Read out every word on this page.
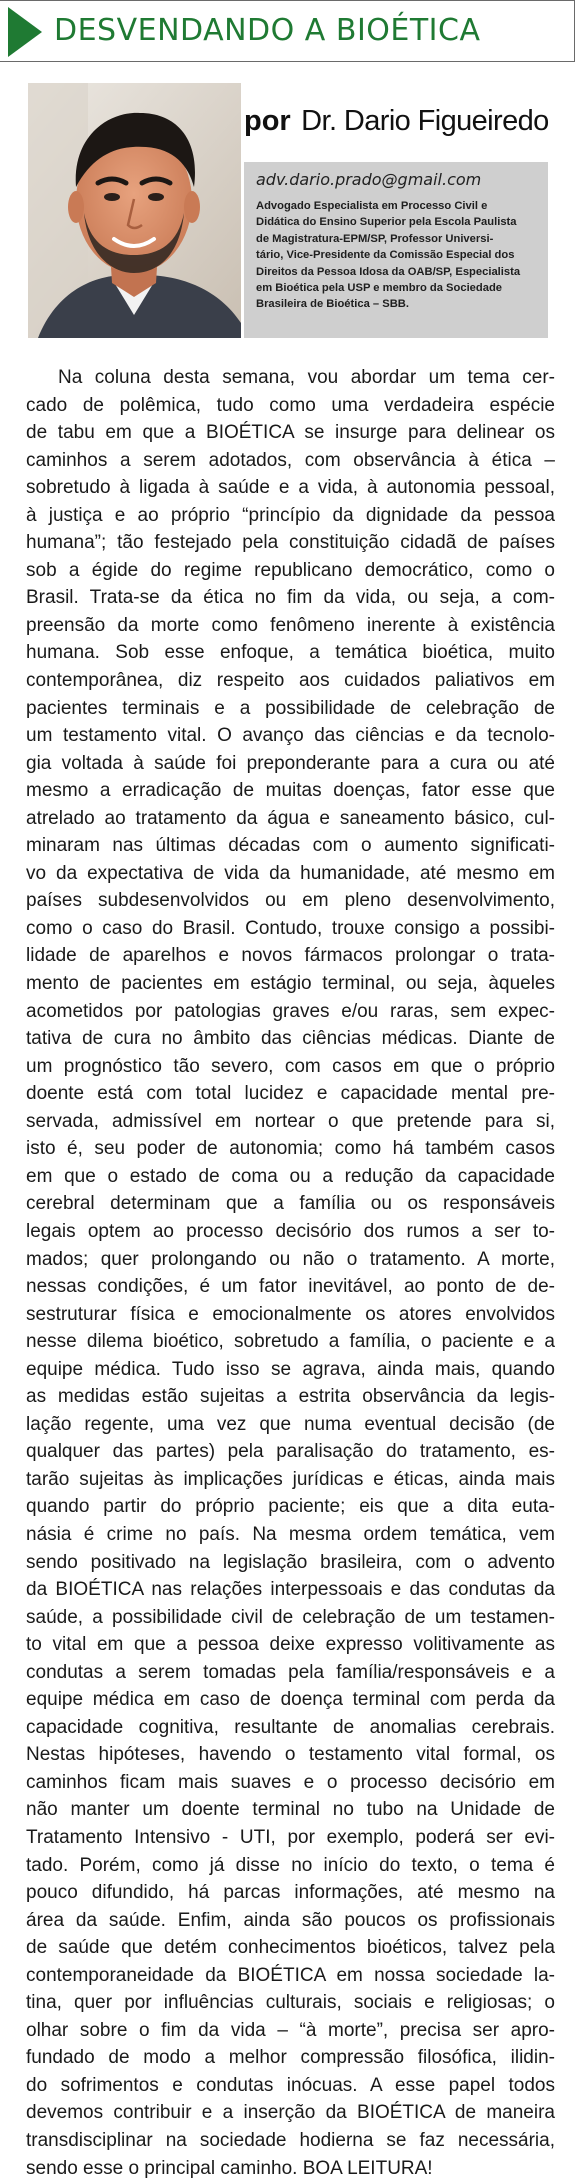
DESVENDANDO A BIOÉTICA
por Dr. Dario Figueiredo
adv.dario.prado@gmail.com
Advogado Especialista em Processo Civil e
Didática do Ensino Superior pela Escola Paulista
de Magistratura-EPM/SP, Professor Universi-
tário, Vice-Presidente da Comissão Especial dos
Direitos da Pessoa Idosa da OAB/SP, Especialista
em Bioética pela USP e membro da Sociedade
Brasileira de Bioética – SBB.
Na coluna desta semana, vou abordar um tema cer-
cado de polêmica, tudo como uma verdadeira espécie
de tabu em que a BIOÉTICA se insurge para delinear os
caminhos a serem adotados, com observância à ética –
sobretudo à ligada à saúde e a vida, à autonomia pessoal,
à justiça e ao próprio “princípio da dignidade da pessoa
humana”; tão festejado pela constituição cidadã de países
sob a égide do regime republicano democrático, como o
Brasil. Trata-se da ética no fim da vida, ou seja, a com-
preensão da morte como fenômeno inerente à existência
humana. Sob esse enfoque, a temática bioética, muito
contemporânea, diz respeito aos cuidados paliativos em
pacientes terminais e a possibilidade de celebração de
um testamento vital. O avanço das ciências e da tecnolo-
gia voltada à saúde foi preponderante para a cura ou até
mesmo a erradicação de muitas doenças, fator esse que
atrelado ao tratamento da água e saneamento básico, cul-
minaram nas últimas décadas com o aumento significati-
vo da expectativa de vida da humanidade, até mesmo em
países subdesenvolvidos ou em pleno desenvolvimento,
como o caso do Brasil. Contudo, trouxe consigo a possibi-
lidade de aparelhos e novos fármacos prolongar o trata-
mento de pacientes em estágio terminal, ou seja, àqueles
acometidos por patologias graves e/ou raras, sem expec-
tativa de cura no âmbito das ciências médicas. Diante de
um prognóstico tão severo, com casos em que o próprio
doente está com total lucidez e capacidade mental pre-
servada, admissível em nortear o que pretende para si,
isto é, seu poder de autonomia; como há também casos
em que o estado de coma ou a redução da capacidade
cerebral determinam que a família ou os responsáveis
legais optem ao processo decisório dos rumos a ser to-
mados; quer prolongando ou não o tratamento. A morte,
nessas condições, é um fator inevitável, ao ponto de de-
sestruturar física e emocionalmente os atores envolvidos
nesse dilema bioético, sobretudo a família, o paciente e a
equipe médica. Tudo isso se agrava, ainda mais, quando
as medidas estão sujeitas a estrita observância da legis-
lação regente, uma vez que numa eventual decisão (de
qualquer das partes) pela paralisação do tratamento, es-
tarão sujeitas às implicações jurídicas e éticas, ainda mais
quando partir do próprio paciente; eis que a dita euta-
násia é crime no país. Na mesma ordem temática, vem
sendo positivado na legislação brasileira, com o advento
da BIOÉTICA nas relações interpessoais e das condutas da
saúde, a possibilidade civil de celebração de um testamen-
to vital em que a pessoa deixe expresso volitivamente as
condutas a serem tomadas pela família/responsáveis e a
equipe médica em caso de doença terminal com perda da
capacidade cognitiva, resultante de anomalias cerebrais.
Nestas hipóteses, havendo o testamento vital formal, os
caminhos ficam mais suaves e o processo decisório em
não manter um doente terminal no tubo na Unidade de
Tratamento Intensivo - UTI, por exemplo, poderá ser evi-
tado. Porém, como já disse no início do texto, o tema é
pouco difundido, há parcas informações, até mesmo na
área da saúde. Enfim, ainda são poucos os profissionais
de saúde que detém conhecimentos bioéticos, talvez pela
contemporaneidade da BIOÉTICA em nossa sociedade la-
tina, quer por influências culturais, sociais e religiosas; o
olhar sobre o fim da vida – “à morte”, precisa ser apro-
fundado de modo a melhor compressão filosófica, ilidin-
do sofrimentos e condutas inócuas. A esse papel todos
devemos contribuir e a inserção da BIOÉTICA de maneira
transdisciplinar na sociedade hodierna se faz necessária,
sendo esse o principal caminho. BOA LEITURA!
